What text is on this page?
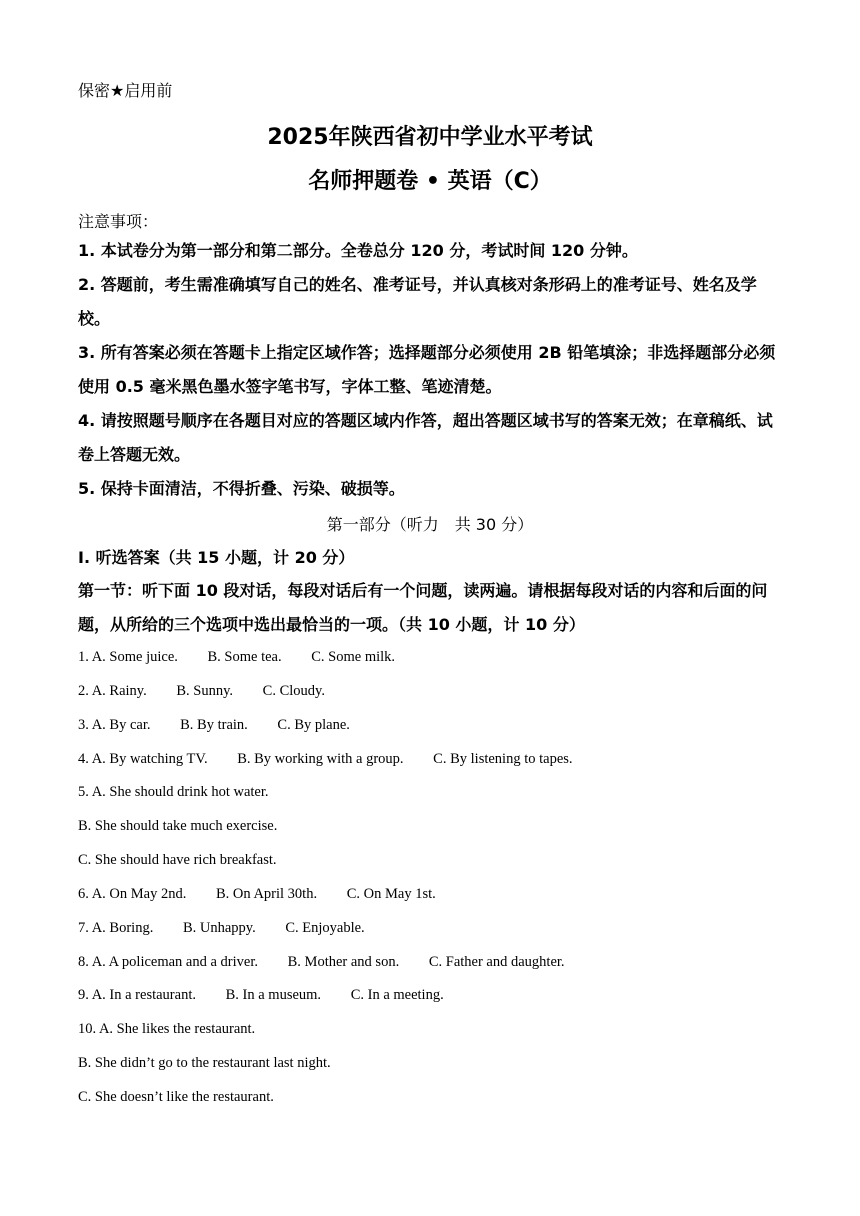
保密★启用前
2025年陕西省初中学业水平考试
名师押题卷 • 英语（C）
注意事项：
1. 本试卷分为第一部分和第二部分。全卷总分 120 分，考试时间 120 分钟。
2. 答题前，考生需准确填写自己的姓名、准考证号，并认真核对条形码上的准考证号、姓名及学校。
3. 所有答案必须在答题卡上指定区域作答；选择题部分必须使用 2B 铅笔填涂；非选择题部分必须使用 0.5 毫米黑色墨水签字笔书写，字体工整、笔迹清楚。
4. 请按照题号顺序在各题目对应的答题区域内作答，超出答题区域书写的答案无效；在章稿纸、试卷上答题无效。
5. 保持卡面清洁，不得折叠、污染、破损等。
第一部分（听力　共 30 分）
Ⅰ. 听选答案（共 15 小题，计 20 分）
第一节：听下面 10 段对话，每段对话后有一个问题，读两遍。请根据每段对话的内容和后面的问题，从所给的三个选项中选出最恰当的一项。（共 10 小题，计 10 分）
1. A. Some juice. B. Some tea. C. Some milk.
2. A. Rainy. B. Sunny. C. Cloudy.
3. A. By car. B. By train. C. By plane.
4. A. By watching TV. B. By working with a group. C. By listening to tapes.
5. A. She should drink hot water.
B. She should take much exercise.
C. She should have rich breakfast.
6. A. On May 2nd. B. On April 30th. C. On May 1st.
7. A. Boring. B. Unhappy. C. Enjoyable.
8. A. A policeman and a driver. B. Mother and son. C. Father and daughter.
9. A. In a restaurant. B. In a museum. C. In a meeting.
10. A. She likes the restaurant.
B. She didn’t go to the restaurant last night.
C. She doesn’t like the restaurant.
